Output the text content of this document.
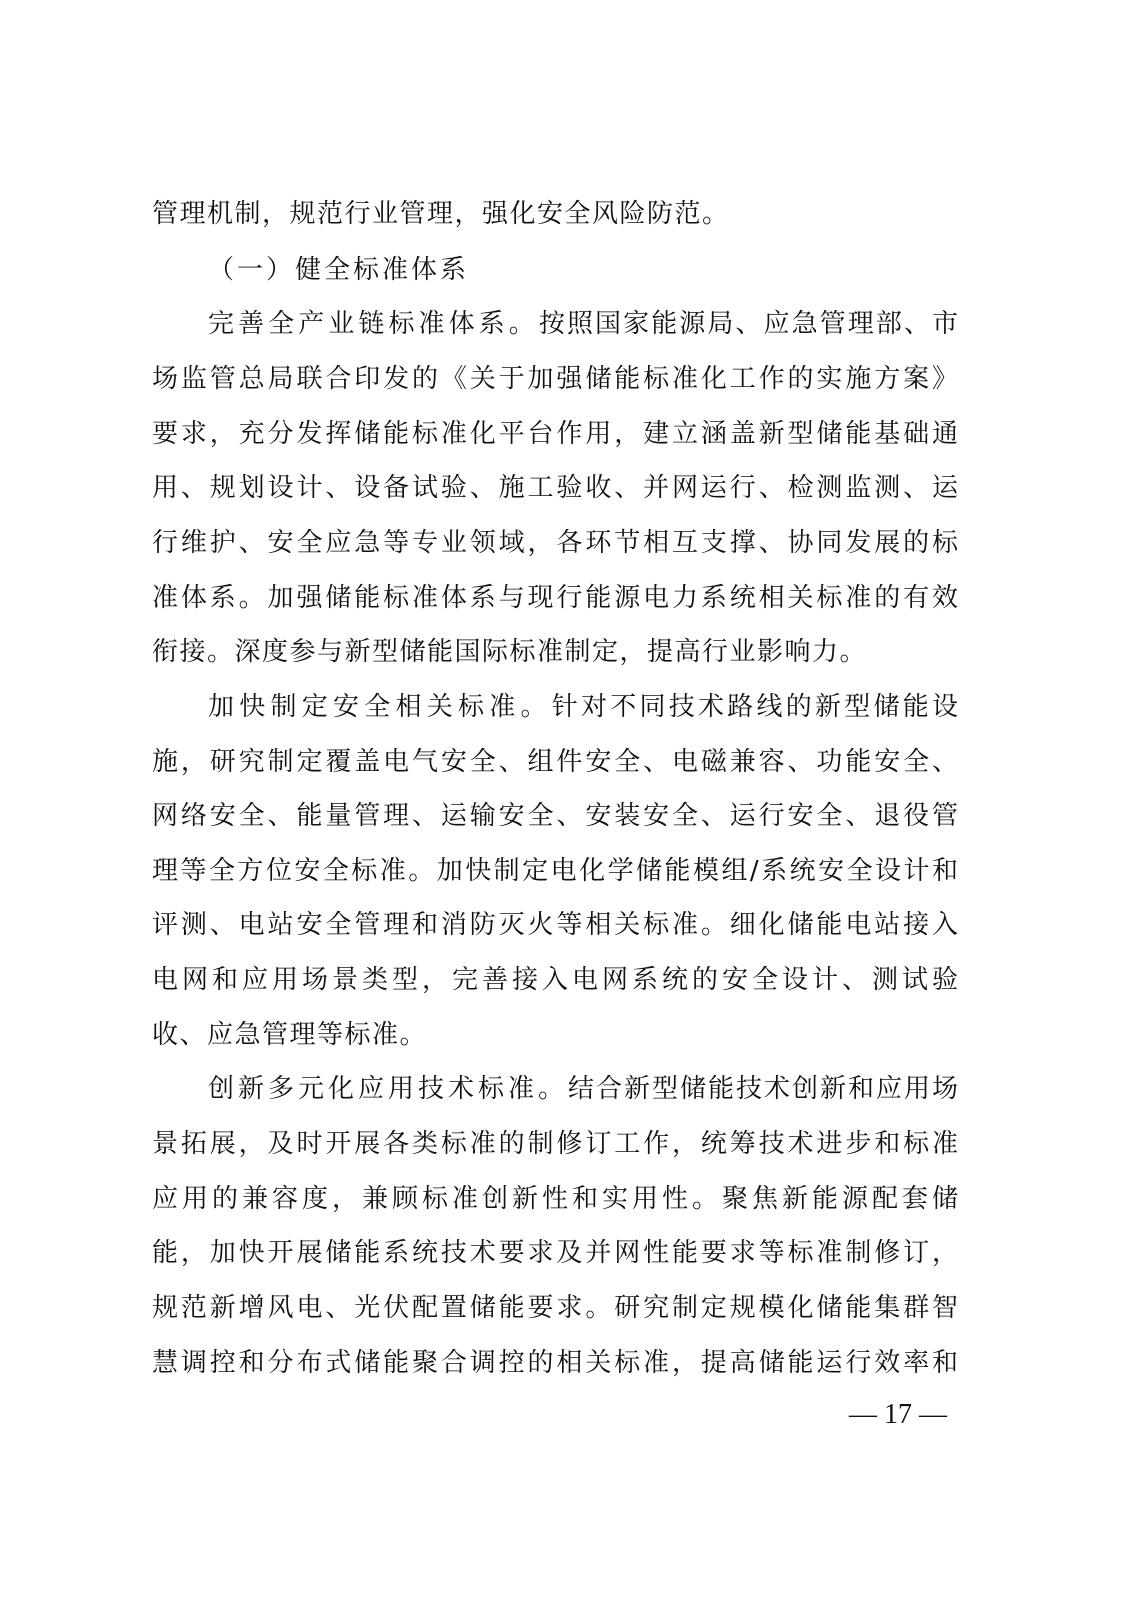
管理机制，规范行业管理，强化安全风险防范。
（一）健全标准体系
完善全产业链标准体系。按照国家能源局、应急管理部、市
场监管总局联合印发的《关于加强储能标准化工作的实施方案》
要求，充分发挥储能标准化平台作用，建立涵盖新型储能基础通
用、规划设计、设备试验、施工验收、并网运行、检测监测、运
行维护、安全应急等专业领域，各环节相互支撑、协同发展的标
准体系。加强储能标准体系与现行能源电力系统相关标准的有效
衔接。深度参与新型储能国际标准制定，提高行业影响力。
加快制定安全相关标准。针对不同技术路线的新型储能设
施，研究制定覆盖电气安全、组件安全、电磁兼容、功能安全、
网络安全、能量管理、运输安全、安装安全、运行安全、退役管
理等全方位安全标准。加快制定电化学储能模组/系统安全设计和
评测、电站安全管理和消防灭火等相关标准。细化储能电站接入
电网和应用场景类型，完善接入电网系统的安全设计、测试验
收、应急管理等标准。
创新多元化应用技术标准。结合新型储能技术创新和应用场
景拓展，及时开展各类标准的制修订工作，统筹技术进步和标准
应用的兼容度，兼顾标准创新性和实用性。聚焦新能源配套储
能，加快开展储能系统技术要求及并网性能要求等标准制修订，
规范新增风电、光伏配置储能要求。研究制定规模化储能集群智
慧调控和分布式储能聚合调控的相关标准，提高储能运行效率和
— 17 —
